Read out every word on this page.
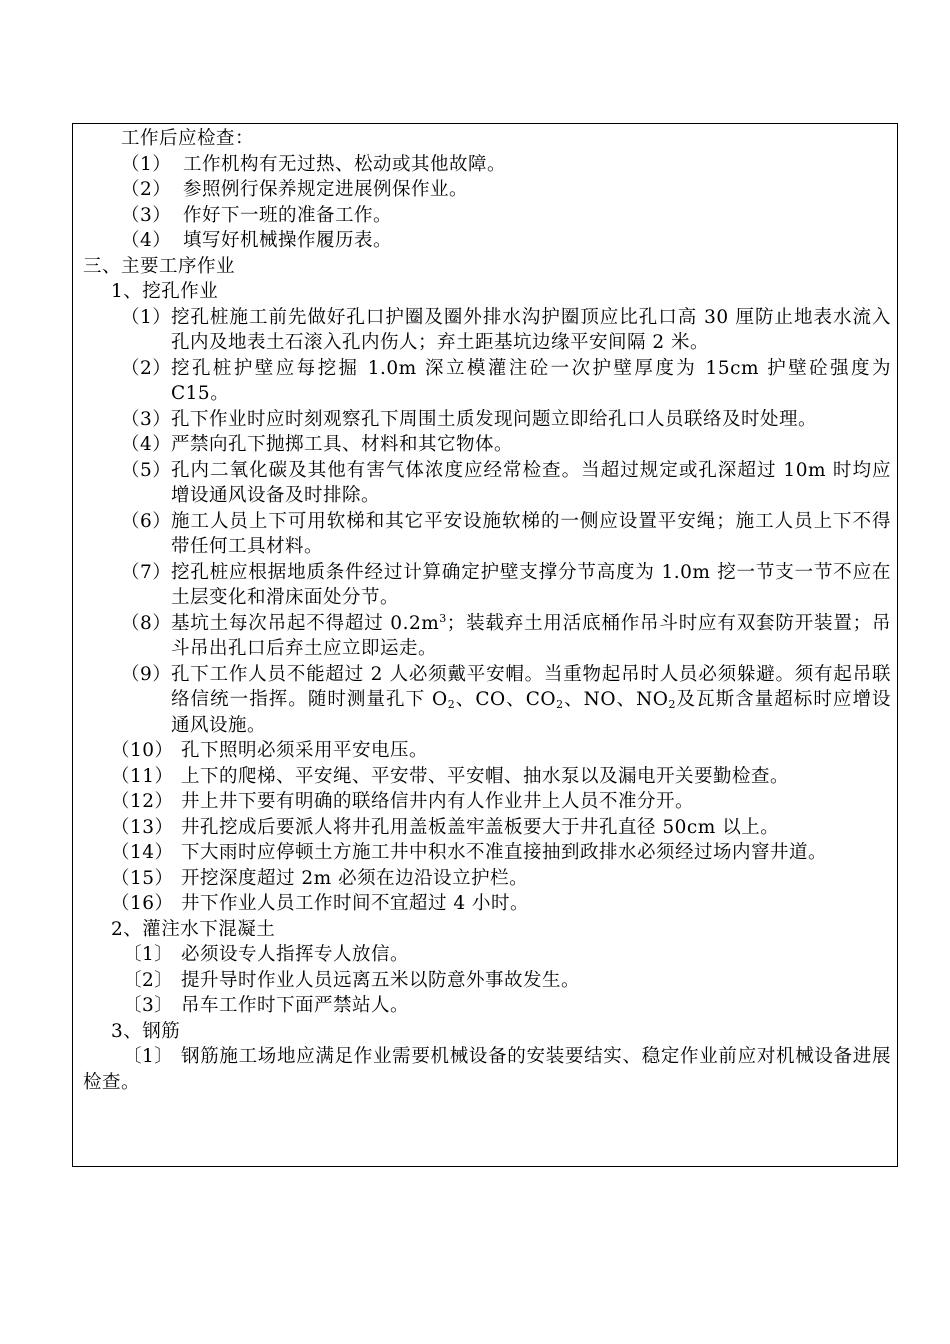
工作后应检查：
（1） 工作机构有无过热、松动或其他故障。
（2） 参照例行保养规定进展例保作业。
（3） 作好下一班的准备工作。
（4） 填写好机械操作履历表。
三、主要工序作业
1、挖孔作业
（1） 挖孔桩施工前先做好孔口护圈及圈外排水沟护圈顶应比孔口高 30 厘防止地表水流入孔内及地表土石滚入孔内伤人；弃土距基坑边缘平安间隔 2 米。
（2） 挖孔桩护壁应每挖掘 1.0m 深立模灌注砼一次护壁厚度为 15cm 护壁砼强度为 C15。
（3） 孔下作业时应时刻观察孔下周围土质发现问题立即给孔口人员联络及时处理。
（4） 严禁向孔下抛掷工具、材料和其它物体。
（5） 孔内二氧化碳及其他有害气体浓度应经常检查。当超过规定或孔深超过 10m 时均应增设通风设备及时排除。
（6） 施工人员上下可用软梯和其它平安设施软梯的一侧应设置平安绳；施工人员上下不得带任何工具材料。
（7） 挖孔桩应根据地质条件经过计算确定护壁支撑分节高度为 1.0m 挖一节支一节不应在土层变化和滑床面处分节。
（8） 基坑土每次吊起不得超过 $0.2m^3$；装载弃土用活底桶作吊斗时应有双套防开装置；吊斗吊出孔口后弃土应立即运走。
（9） 孔下工作人员不能超过 2 人必须戴平安帽。当重物起吊时人员必须躲避。须有起吊联络信统一指挥。随时测量孔下 $O_2$、CO、$CO_2$、NO、$NO_2$及瓦斯含量超标时应增设通风设施。
（10） 孔下照明必须采用平安电压。
（11） 上下的爬梯、平安绳、平安带、平安帽、抽水泵以及漏电开关要勤检查。
（12） 井上井下要有明确的联络信井内有人作业井上人员不准分开。
（13） 井孔挖成后要派人将井孔用盖板盖牢盖板要大于井孔直径 50cm 以上。
（14） 下大雨时应停顿土方施工井中积水不准直接抽到政排水必须经过场内窨井道。
（15） 开挖深度超过 2m 必须在边沿设立护栏。
（16） 井下作业人员工作时间不宜超过 4 小时。
2、灌注水下混凝土
〔1〕 必须设专人指挥专人放信。
〔2〕 提升导时作业人员远离五米以防意外事故发生。
〔3〕 吊车工作时下面严禁站人。
3、钢筋
〔1〕 钢筋施工场地应满足作业需要机械设备的安装要结实、稳定作业前应对机械设备进展检查。
